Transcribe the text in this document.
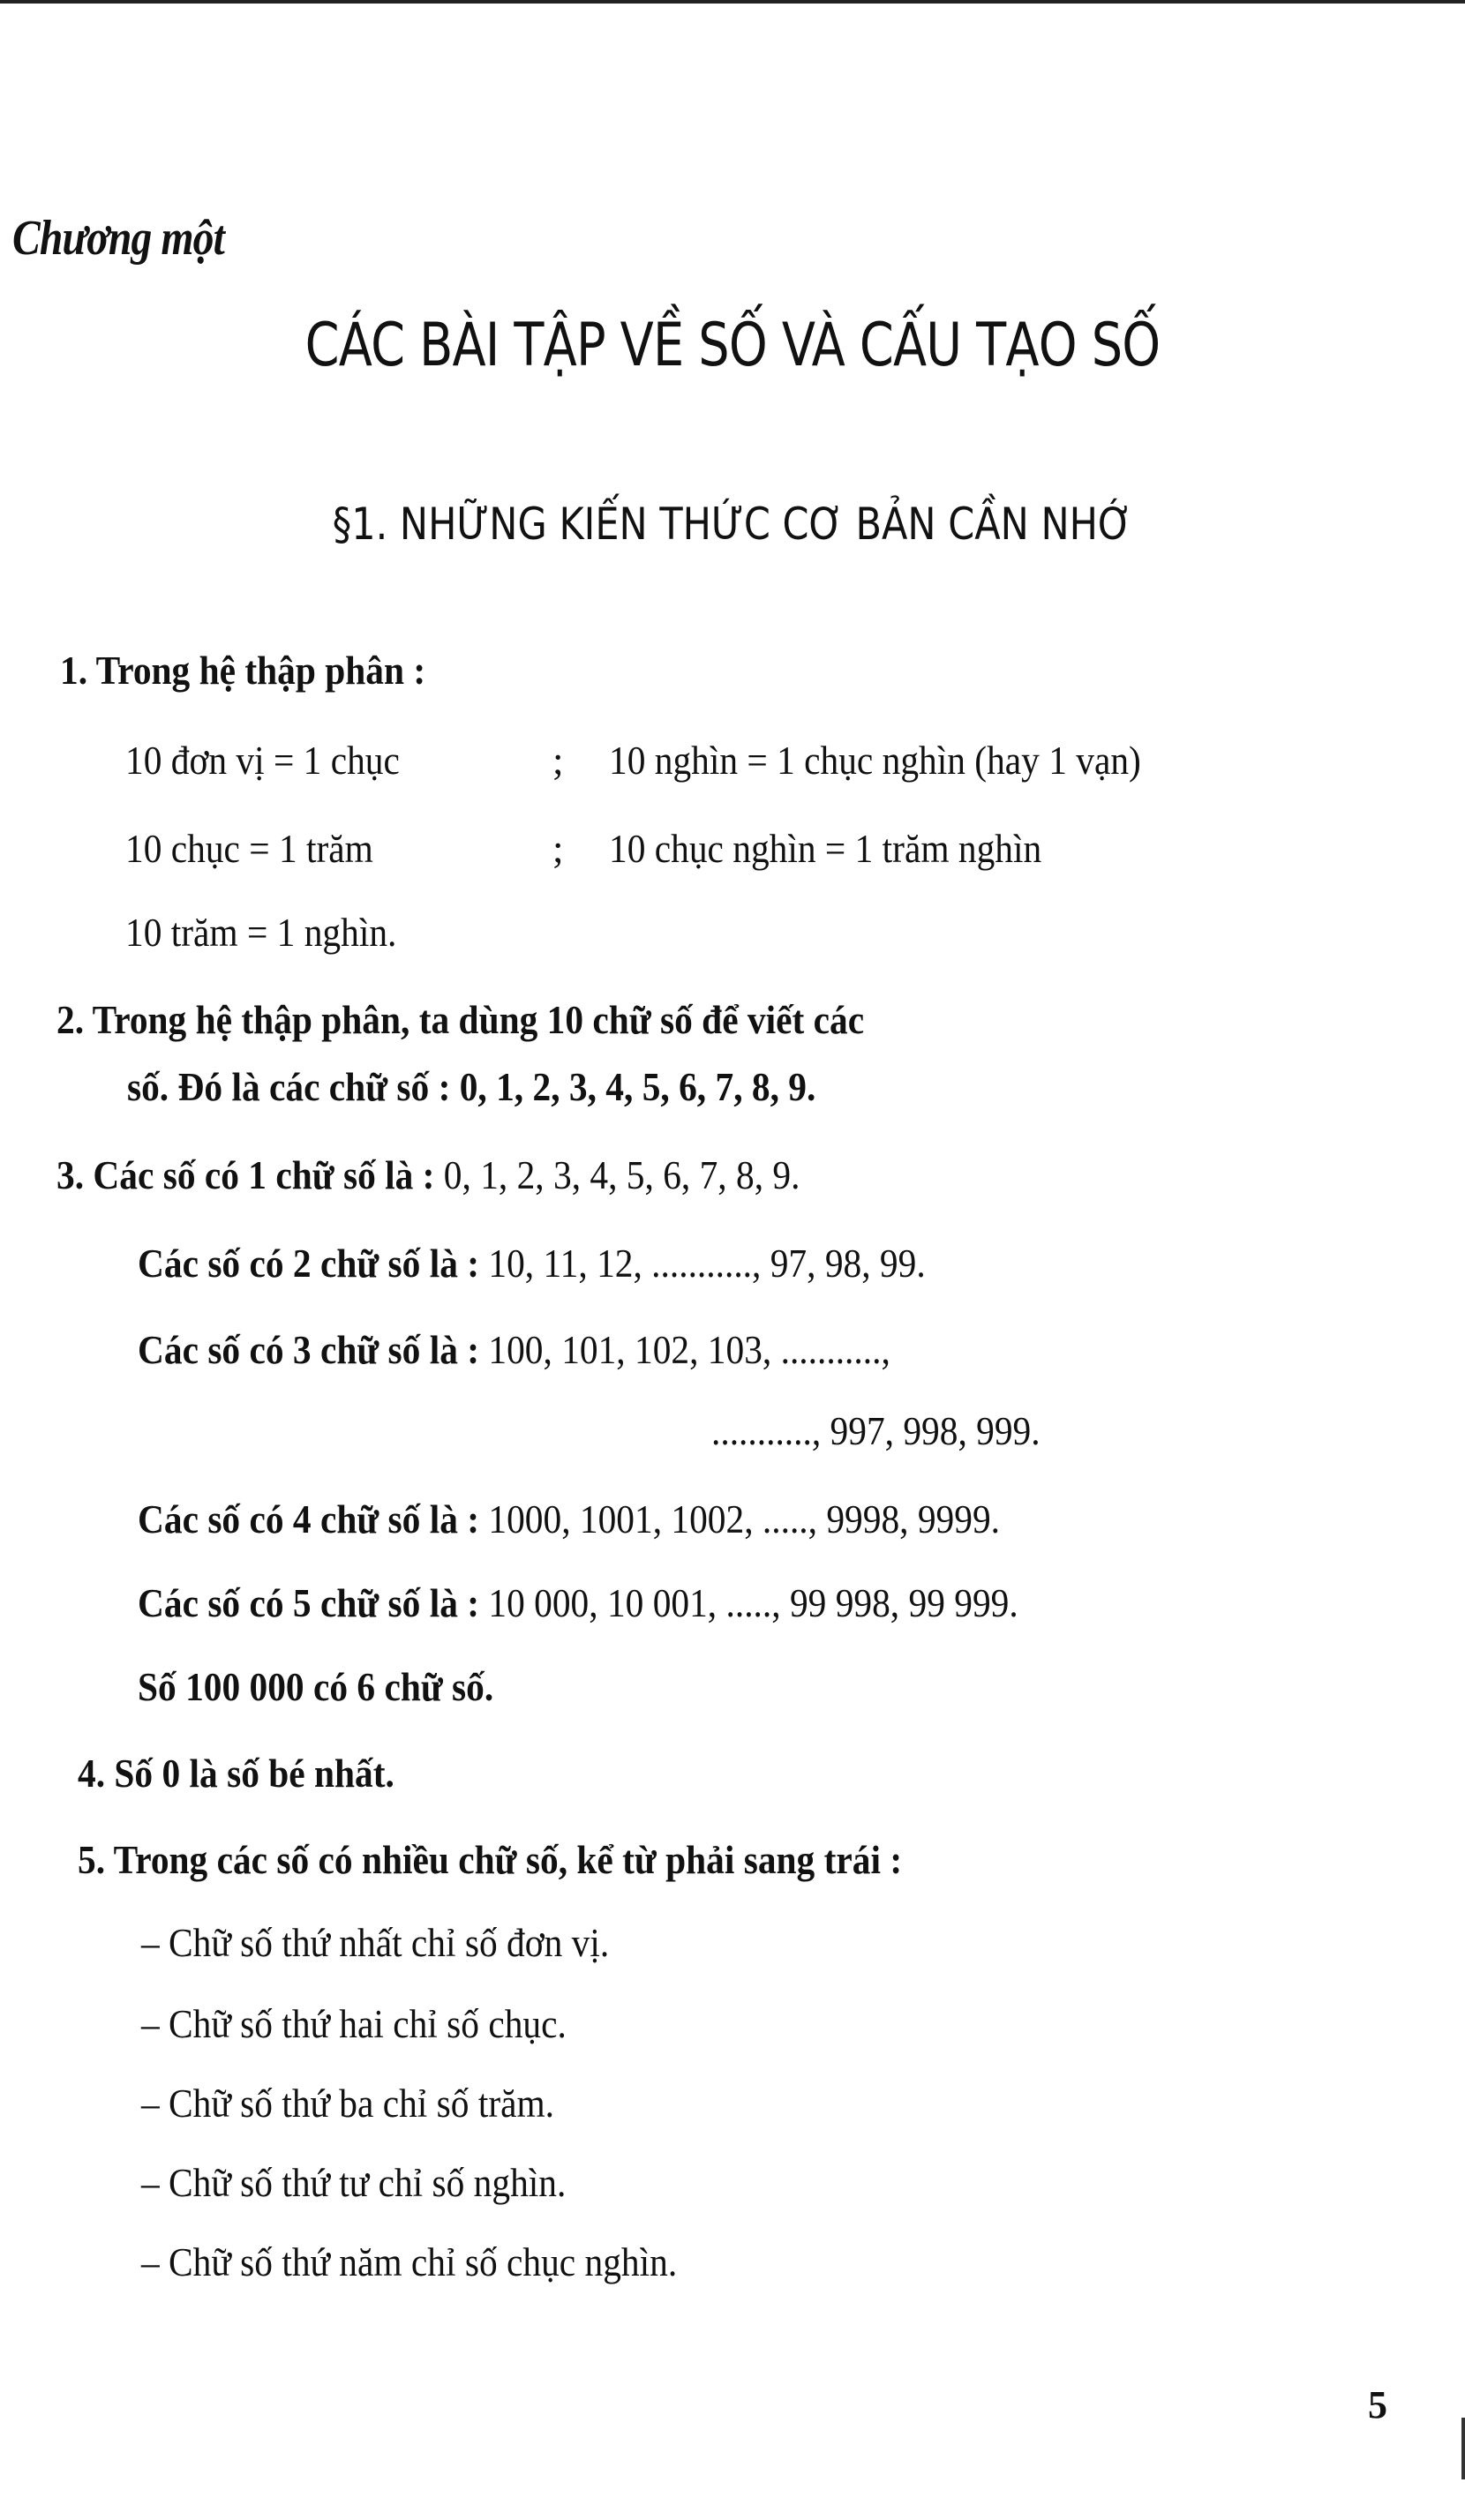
Chương một
CÁC BÀI TẬP VỀ SỐ VÀ CẤU TẠO SỐ
§1. NHỮNG KIẾN THỨC CƠ BẢN CẦN NHỚ
1. Trong hệ thập phân :
10 đơn vị = 1 chục	; 10 nghìn = 1 chục nghìn (hay 1 vạn)
10 chục = 1 trăm	; 10 chục nghìn = 1 trăm nghìn
10 trăm = 1 nghìn.
2. Trong hệ thập phân, ta dùng 10 chữ số để viết các
số. Đó là các chữ số : 0, 1, 2, 3, 4, 5, 6, 7, 8, 9.
3. Các số có 1 chữ số là : 0, 1, 2, 3, 4, 5, 6, 7, 8, 9.
Các số có 2 chữ số là : 10, 11, 12, ..........., 97, 98, 99.
Các số có 3 chữ số là : 100, 101, 102, 103, ...........,
..........., 997, 998, 999.
Các số có 4 chữ số là : 1000, 1001, 1002, ....., 9998, 9999.
Các số có 5 chữ số là : 10 000, 10 001, ....., 99 998, 99 999.
Số 100 000 có 6 chữ số.
4. Số 0 là số bé nhất.
5. Trong các số có nhiều chữ số, kể từ phải sang trái :
– Chữ số thứ nhất chỉ số đơn vị.
– Chữ số thứ hai chỉ số chục.
– Chữ số thứ ba chỉ số trăm.
– Chữ số thứ tư chỉ số nghìn.
– Chữ số thứ năm chỉ số chục nghìn.
5
